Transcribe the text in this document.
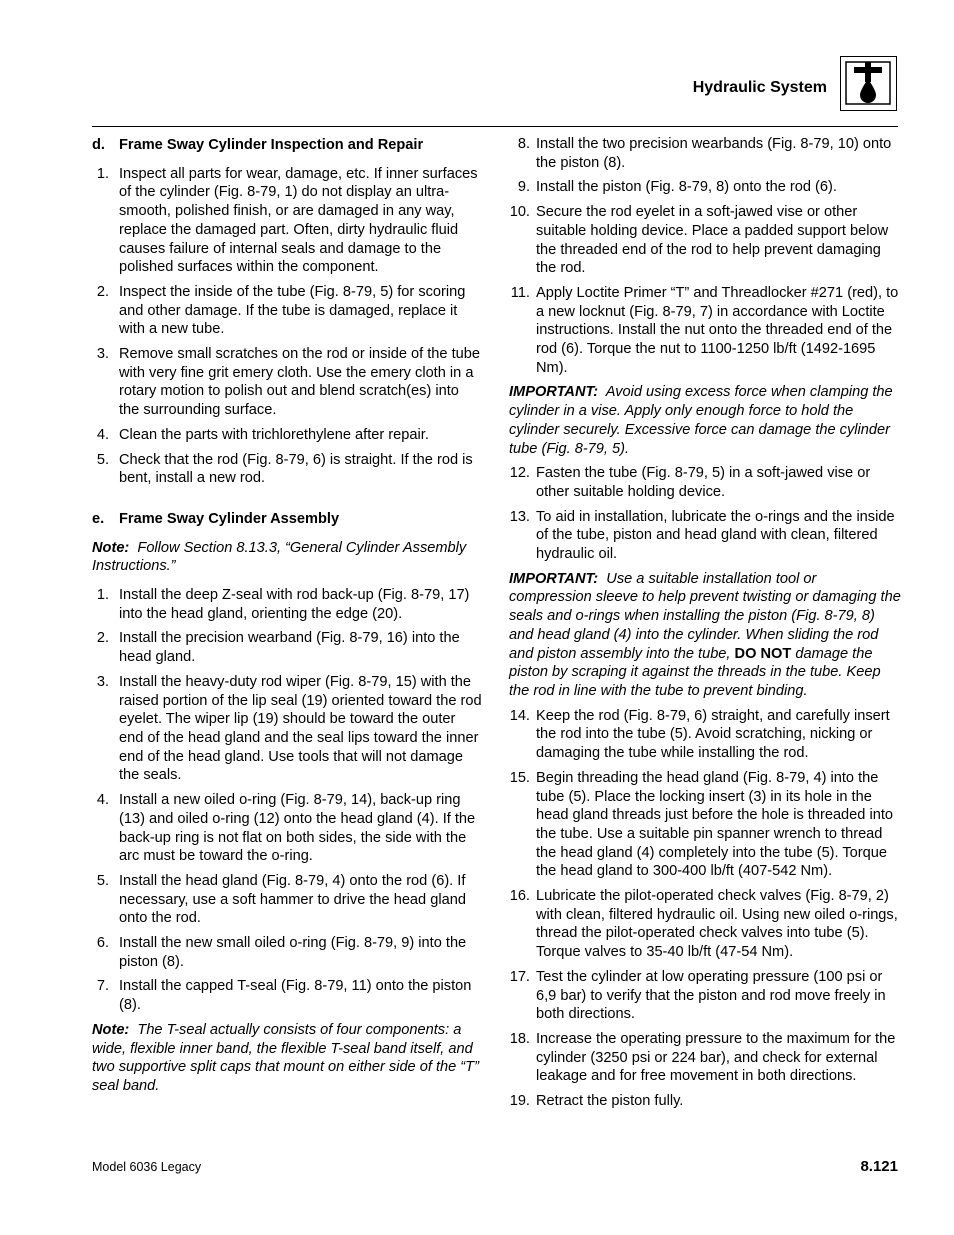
Hydraulic System
d. Frame Sway Cylinder Inspection and Repair
1. Inspect all parts for wear, damage, etc. If inner surfaces of the cylinder (Fig. 8-79, 1) do not display an ultra-smooth, polished finish, or are damaged in any way, replace the damaged part. Often, dirty hydraulic fluid causes failure of internal seals and damage to the polished surfaces within the component.
2. Inspect the inside of the tube (Fig. 8-79, 5) for scoring and other damage. If the tube is damaged, replace it with a new tube.
3. Remove small scratches on the rod or inside of the tube with very fine grit emery cloth. Use the emery cloth in a rotary motion to polish out and blend scratch(es) into the surrounding surface.
4. Clean the parts with trichlorethylene after repair.
5. Check that the rod (Fig. 8-79, 6) is straight. If the rod is bent, install a new rod.
e. Frame Sway Cylinder Assembly
Note: Follow Section 8.13.3, “General Cylinder Assembly Instructions.”
1. Install the deep Z-seal with rod back-up (Fig. 8-79, 17) into the head gland, orienting the edge (20).
2. Install the precision wearband (Fig. 8-79, 16) into the head gland.
3. Install the heavy-duty rod wiper (Fig. 8-79, 15) with the raised portion of the lip seal (19) oriented toward the rod eyelet. The wiper lip (19) should be toward the outer end of the head gland and the seal lips toward the inner end of the head gland. Use tools that will not damage the seals.
4. Install a new oiled o-ring (Fig. 8-79, 14), back-up ring (13) and oiled o-ring (12) onto the head gland (4). If the back-up ring is not flat on both sides, the side with the arc must be toward the o-ring.
5. Install the head gland (Fig. 8-79, 4) onto the rod (6). If necessary, use a soft hammer to drive the head gland onto the rod.
6. Install the new small oiled o-ring (Fig. 8-79, 9) into the piston (8).
7. Install the capped T-seal (Fig. 8-79, 11) onto the piston (8).
Note: The T-seal actually consists of four components: a wide, flexible inner band, the flexible T-seal band itself, and two supportive split caps that mount on either side of the “T” seal band.
8. Install the two precision wearbands (Fig. 8-79, 10) onto the piston (8).
9. Install the piston (Fig. 8-79, 8) onto the rod (6).
10. Secure the rod eyelet in a soft-jawed vise or other suitable holding device. Place a padded support below the threaded end of the rod to help prevent damaging the rod.
11. Apply Loctite Primer “T” and Threadlocker #271 (red), to a new locknut (Fig. 8-79, 7) in accordance with Loctite instructions. Install the nut onto the threaded end of the rod (6). Torque the nut to 1100-1250 lb/ft (1492-1695 Nm).
IMPORTANT: Avoid using excess force when clamping the cylinder in a vise. Apply only enough force to hold the cylinder securely. Excessive force can damage the cylinder tube (Fig. 8-79, 5).
12. Fasten the tube (Fig. 8-79, 5) in a soft-jawed vise or other suitable holding device.
13. To aid in installation, lubricate the o-rings and the inside of the tube, piston and head gland with clean, filtered hydraulic oil.
IMPORTANT: Use a suitable installation tool or compression sleeve to help prevent twisting or damaging the seals and o-rings when installing the piston (Fig. 8-79, 8) and head gland (4) into the cylinder. When sliding the rod and piston assembly into the tube, DO NOT damage the piston by scraping it against the threads in the tube. Keep the rod in line with the tube to prevent binding.
14. Keep the rod (Fig. 8-79, 6) straight, and carefully insert the rod into the tube (5). Avoid scratching, nicking or damaging the tube while installing the rod.
15. Begin threading the head gland (Fig. 8-79, 4) into the tube (5). Place the locking insert (3) in its hole in the head gland threads just before the hole is threaded into the tube. Use a suitable pin spanner wrench to thread the head gland (4) completely into the tube (5). Torque the head gland to 300-400 lb/ft (407-542 Nm).
16. Lubricate the pilot-operated check valves (Fig. 8-79, 2) with clean, filtered hydraulic oil. Using new oiled o-rings, thread the pilot-operated check valves into tube (5). Torque valves to 35-40 lb/ft (47-54 Nm).
17. Test the cylinder at low operating pressure (100 psi or 6,9 bar) to verify that the piston and rod move freely in both directions.
18. Increase the operating pressure to the maximum for the cylinder (3250 psi or 224 bar), and check for external leakage and for free movement in both directions.
19. Retract the piston fully.
Model 6036 Legacy	8.121
